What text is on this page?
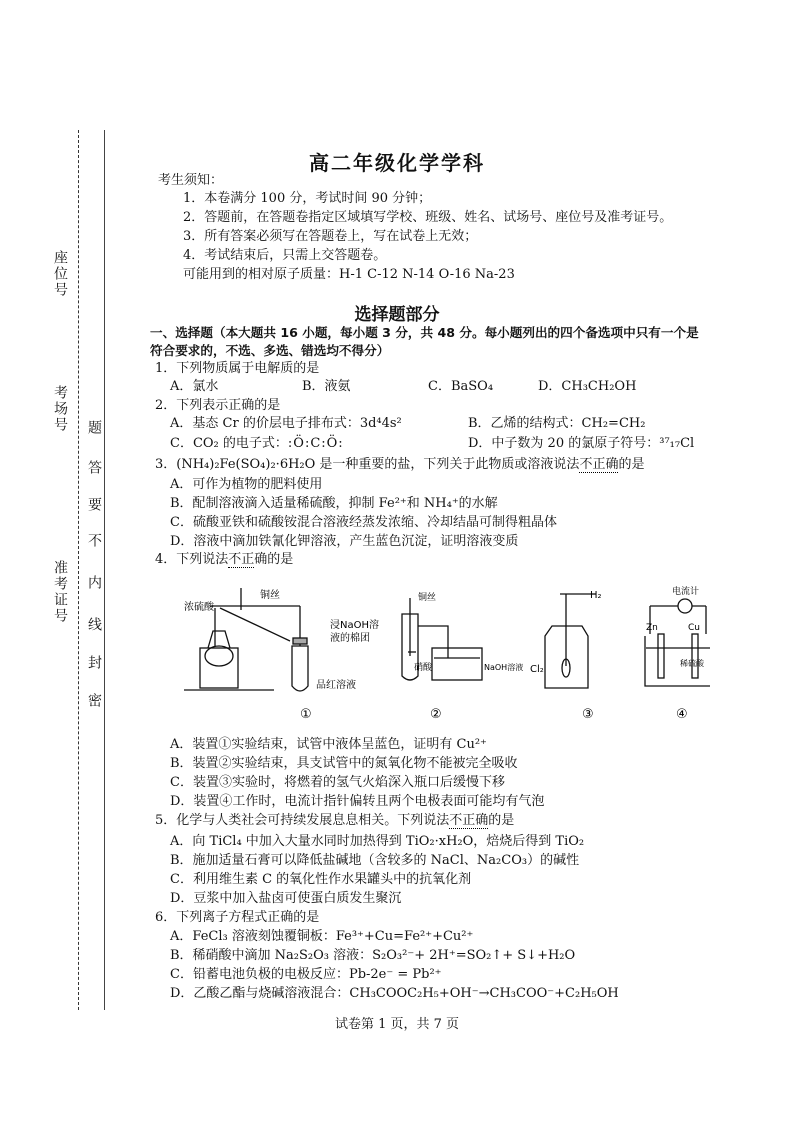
座位号
考场号
准考证号
密
封
线
内
不
要
答
题
高二年级化学学科
考生须知：
1．本卷满分 100 分，考试时间 90 分钟；
2．答题前，在答题卷指定区域填写学校、班级、姓名、试场号、座位号及准考证号。
3．所有答案必须写在答题卷上，写在试卷上无效；
4．考试结束后，只需上交答题卷。
可能用到的相对原子质量：H-1 C-12 N-14 O-16 Na-23
选择题部分
一、选择题（本大题共 16 小题，每小题 3 分，共 48 分。每小题列出的四个备选项中只有一个是
符合要求的，不选、多选、错选均不得分）
1．下列物质属于电解质的是
A．氯水	B．液氨	C．BaSO₄	D．CH₃CH₂OH
2．下列表示正确的是
A．基态 Cr 的价层电子排布式：3d⁴4s²	B．乙烯的结构式：CH₂=CH₂
C．CO₂ 的电子式：:Ö:C:Ö:	D．中子数为 20 的氯原子符号：³⁷₁₇Cl
3．(NH₄)₂Fe(SO₄)₂·6H₂O 是一种重要的盐，下列关于此物质或溶液说法不正确的是
A．可作为植物的肥料使用
B．配制溶液滴入适量稀硫酸，抑制 Fe²⁺和 NH₄⁺的水解
C．硫酸亚铁和硫酸铵混合溶液经蒸发浓缩、冷却结晶可制得粗晶体
D．溶液中滴加铁氰化钾溶液，产生蓝色沉淀，证明溶液变质
4．下列说法不正确的是
浓硫酸
铜丝
浸NaOH溶
液的棉团
品红溶液
①
铜丝
硝酸	NaOH溶液
②
H₂
Cl₂
③
电流计
Zn	Cu
稀硫酸
④
A．装置①实验结束，试管中液体呈蓝色，证明有 Cu²⁺
B．装置②实验结束，具支试管中的氮氧化物不能被完全吸收
C．装置③实验时，将燃着的氢气火焰深入瓶口后缓慢下移
D．装置④工作时，电流计指针偏转且两个电极表面可能均有气泡
5．化学与人类社会可持续发展息息相关。下列说法不正确的是
A．向 TiCl₄ 中加入大量水同时加热得到 TiO₂·xH₂O，焙烧后得到 TiO₂
B．施加适量石膏可以降低盐碱地（含较多的 NaCl、Na₂CO₃）的碱性
C．利用维生素 C 的氧化性作水果罐头中的抗氧化剂
D．豆浆中加入盐卤可使蛋白质发生聚沉
6．下列离子方程式正确的是
A．FeCl₃ 溶液刻蚀覆铜板：Fe³⁺+Cu=Fe²⁺+Cu²⁺
B．稀硝酸中滴加 Na₂S₂O₃ 溶液：S₂O₃²⁻+ 2H⁺=SO₂↑+ S↓+H₂O
C．铅蓄电池负极的电极反应：Pb-2e⁻ = Pb²⁺
D．乙酸乙酯与烧碱溶液混合：CH₃COOC₂H₅+OH⁻→CH₃COO⁻+C₂H₅OH
试卷第 1 页，共 7 页
